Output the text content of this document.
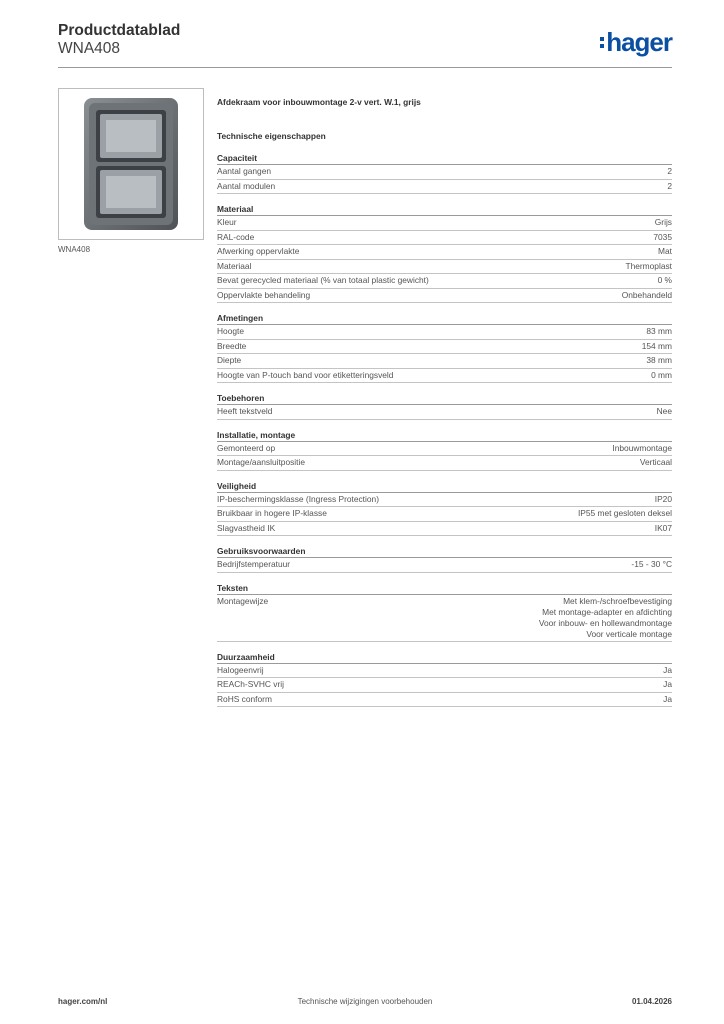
Productdatablad
WNA408	hager
WNA408
Afdekraam voor inbouwmontage 2-v vert. W.1, grijs
Technische eigenschappen
Capaciteit
Aantal gangen	2
Aantal modulen	2
Materiaal
Kleur	Grijs
RAL-code	7035
Afwerking oppervlakte	Mat
Materiaal	Thermoplast
Bevat gerecycled materiaal (% van totaal plastic gewicht)	0 %
Oppervlakte behandeling	Onbehandeld
Afmetingen
Hoogte	83 mm
Breedte	154 mm
Diepte	38 mm
Hoogte van P-touch band voor etiketteringsveld	0 mm
Toebehoren
Heeft tekstveld	Nee
Installatie, montage
Gemonteerd op	Inbouwmontage
Montage/aansluitpositie	Verticaal
Veiligheid
IP-beschermingsklasse (Ingress Protection)	IP20
Bruikbaar in hogere IP-klasse	IP55 met gesloten deksel
Slagvastheid IK	IK07
Gebruiksvoorwaarden
Bedrijfstemperatuur	-15 - 30 °C
Teksten
Montagewijze	Met klem-/schroefbevestiging
Met montage-adapter en afdichting
Voor inbouw- en hollewandmontage
Voor verticale montage
Duurzaamheid
Halogeenvrij	Ja
REACh-SVHC vrij	Ja
RoHS conform	Ja
Technische wijzigingen voorbehouden
hager.com/nl	01.04.2026
